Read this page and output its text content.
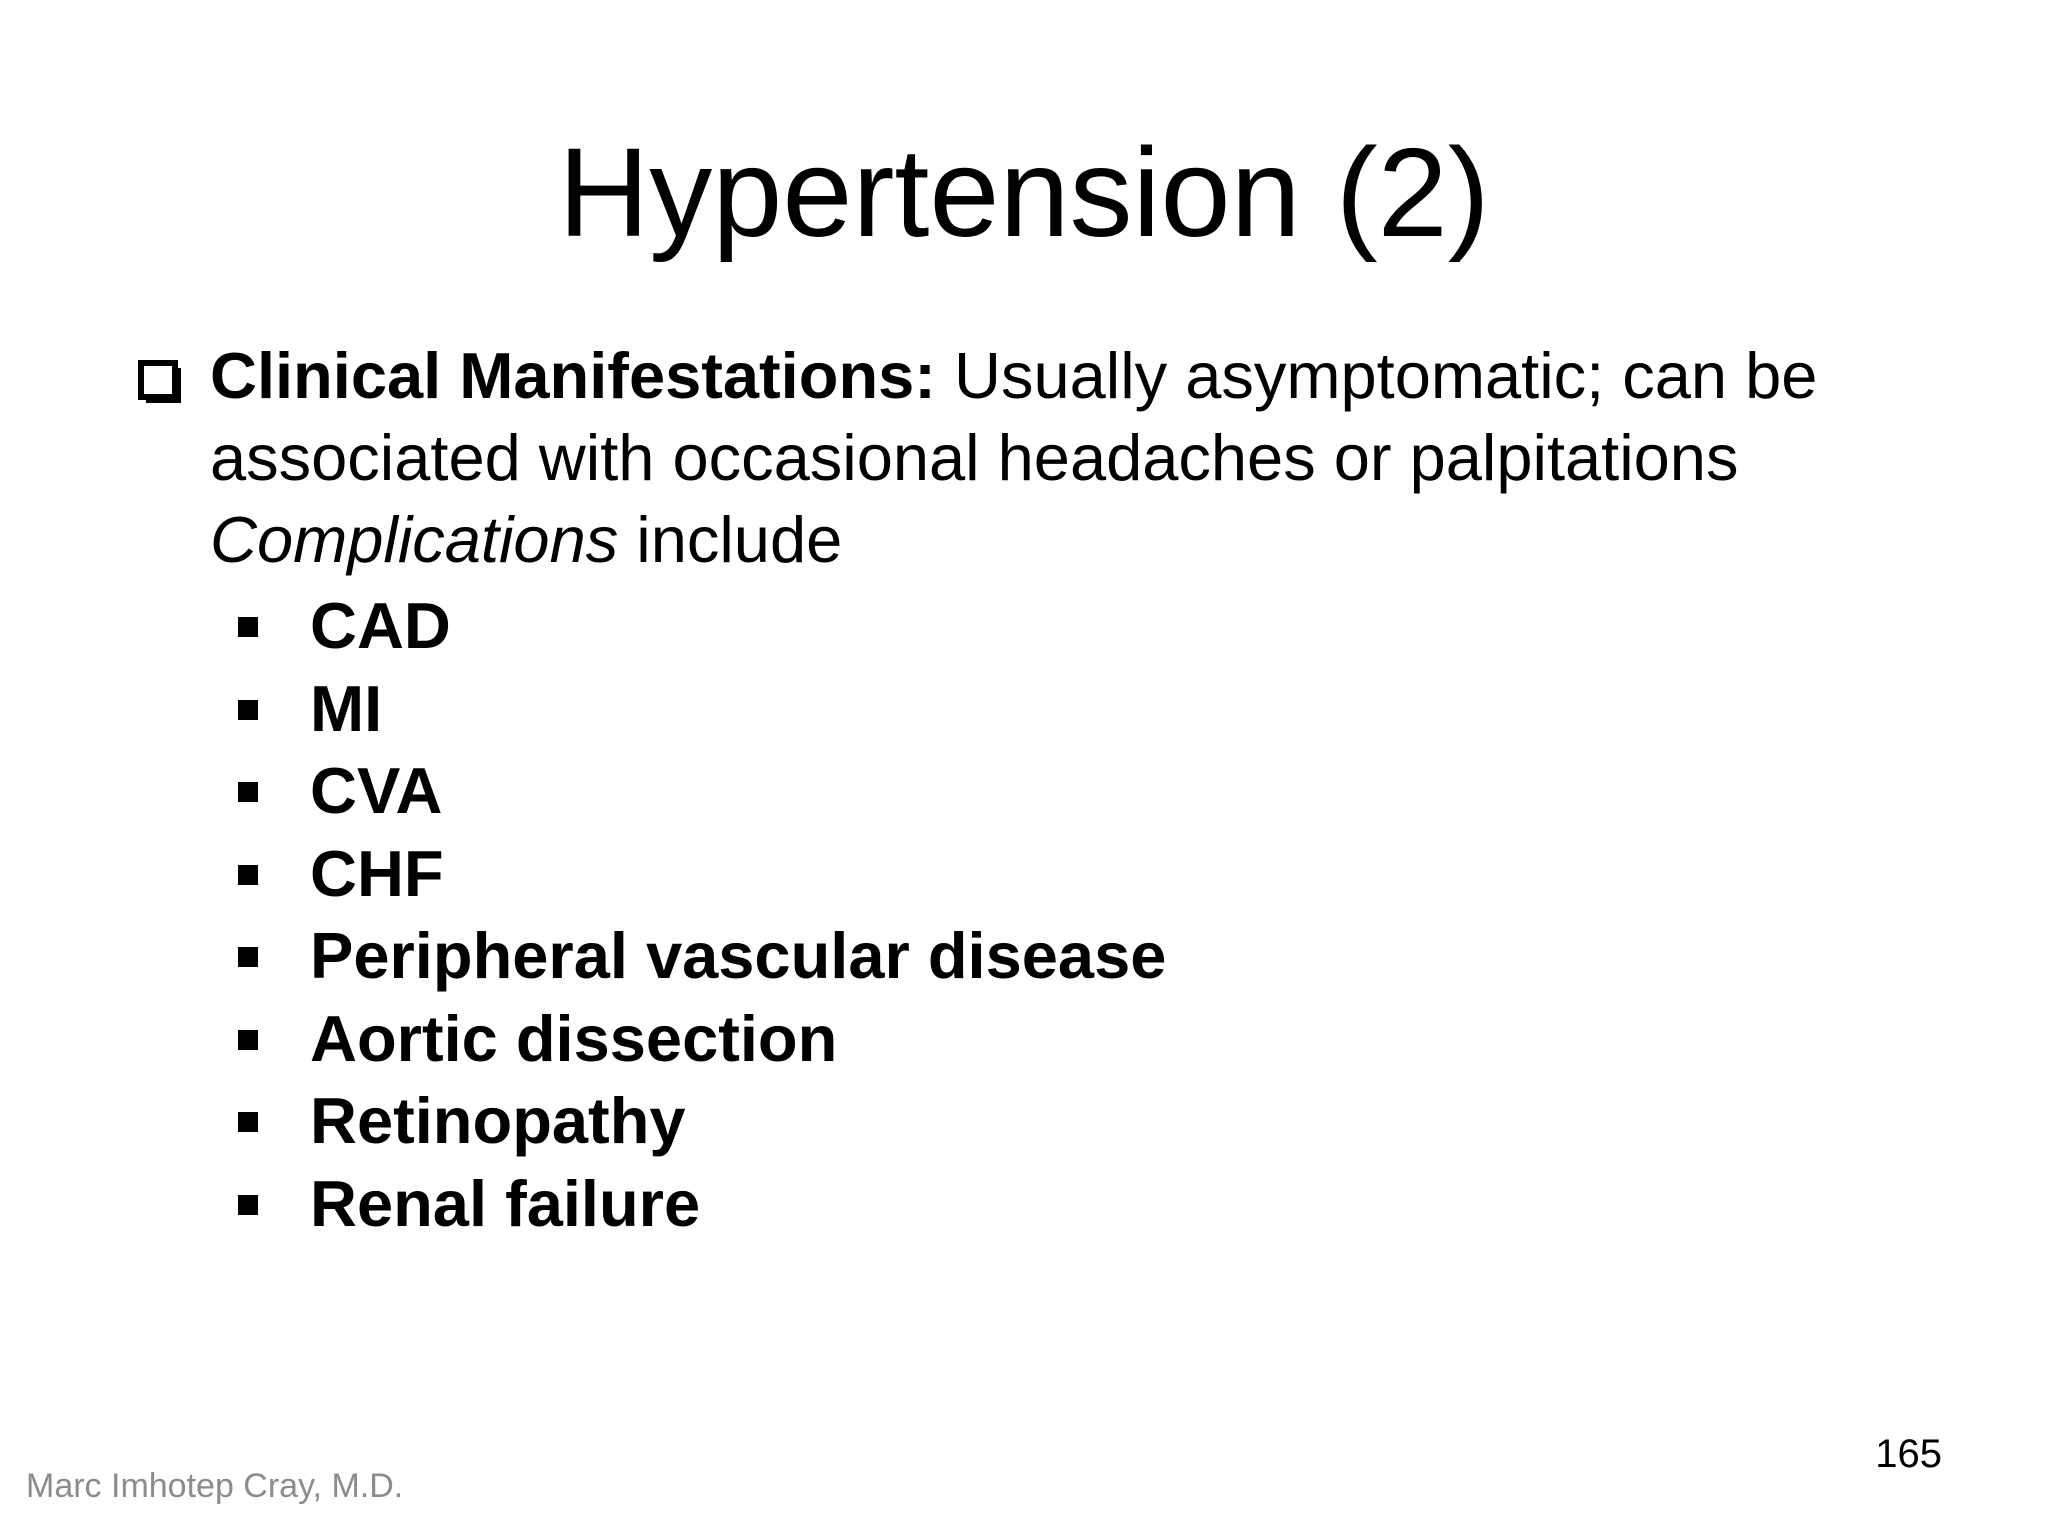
Hypertension (2)
Clinical Manifestations: Usually asymptomatic; can be
associated with occasional headaches or palpitations
Complications include
CAD
MI
CVA
CHF
Peripheral vascular disease
Aortic dissection
Retinopathy
Renal failure
165
Marc Imhotep Cray, M.D.
